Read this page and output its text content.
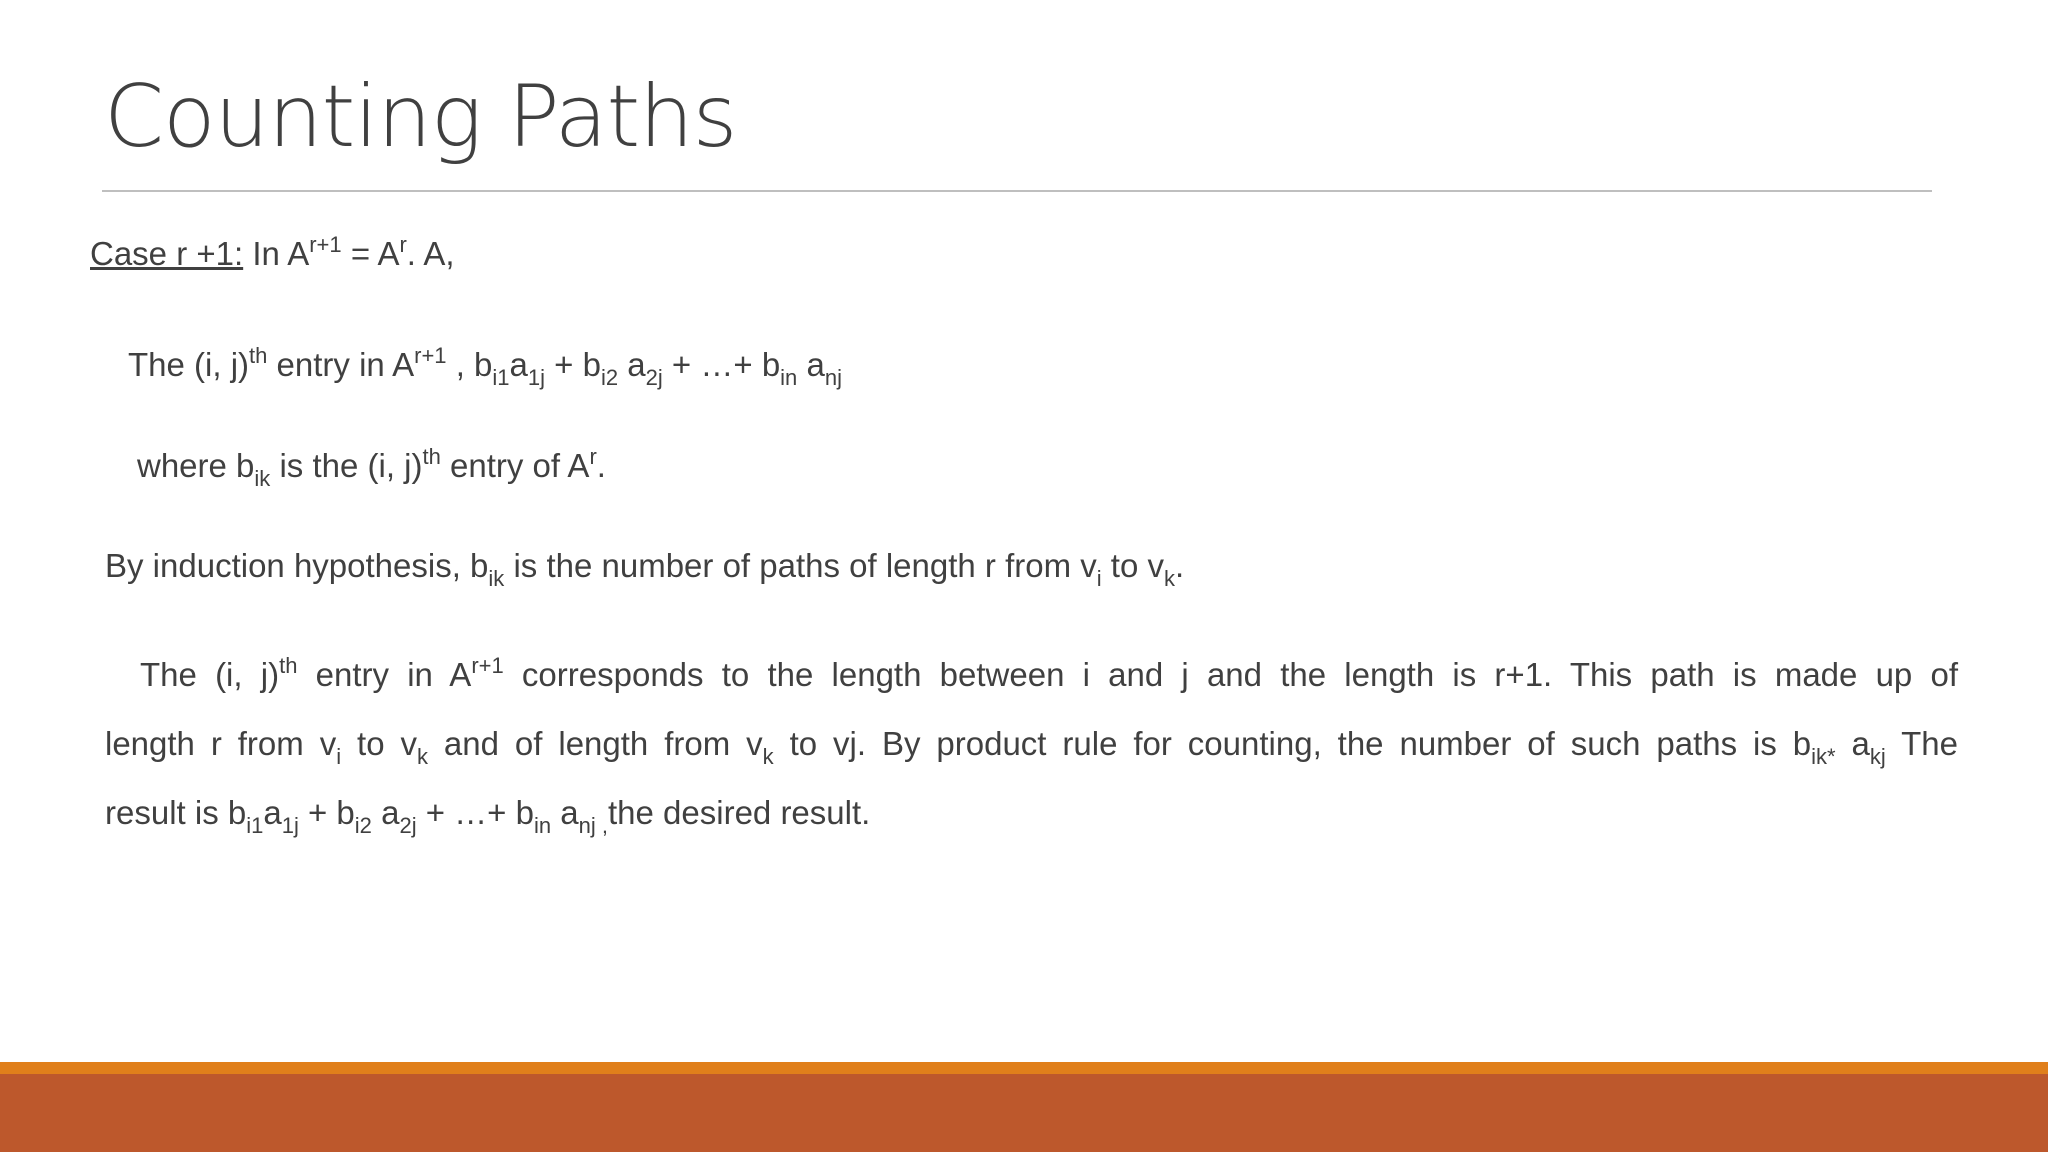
Counting Paths
Case r +1: In $A^{r+1} = A^r$. A,
The (i, j)$^{th}$ entry in $A^{r+1}$ , $b_{i1}a_{1j} + b_{i2}$ $a_{2j}$ + …+ $b_{in}$ $a_{nj}$
where $b_{ik}$ is the (i, j)$^{th}$ entry of $A^r$.
By induction hypothesis, $b_{ik}$ is the number of paths of length r from $v_i$ to $v_k$.
The (i, j)$^{th}$ entry in $A^{r+1}$ corresponds to the length between i and j and the length is r+1. This path is made up of
length r from $v_i$ to $v_k$ and of length from $v_k$ to vj. By product rule for counting, the number of such paths is $b_{ik*}$ $a_{kj}$ The
result is $b_{i1}a_{1j} + b_{i2}$ $a_{2j}$ + …+ $b_{in}$ $a_{nj ,}the$ desired result.
